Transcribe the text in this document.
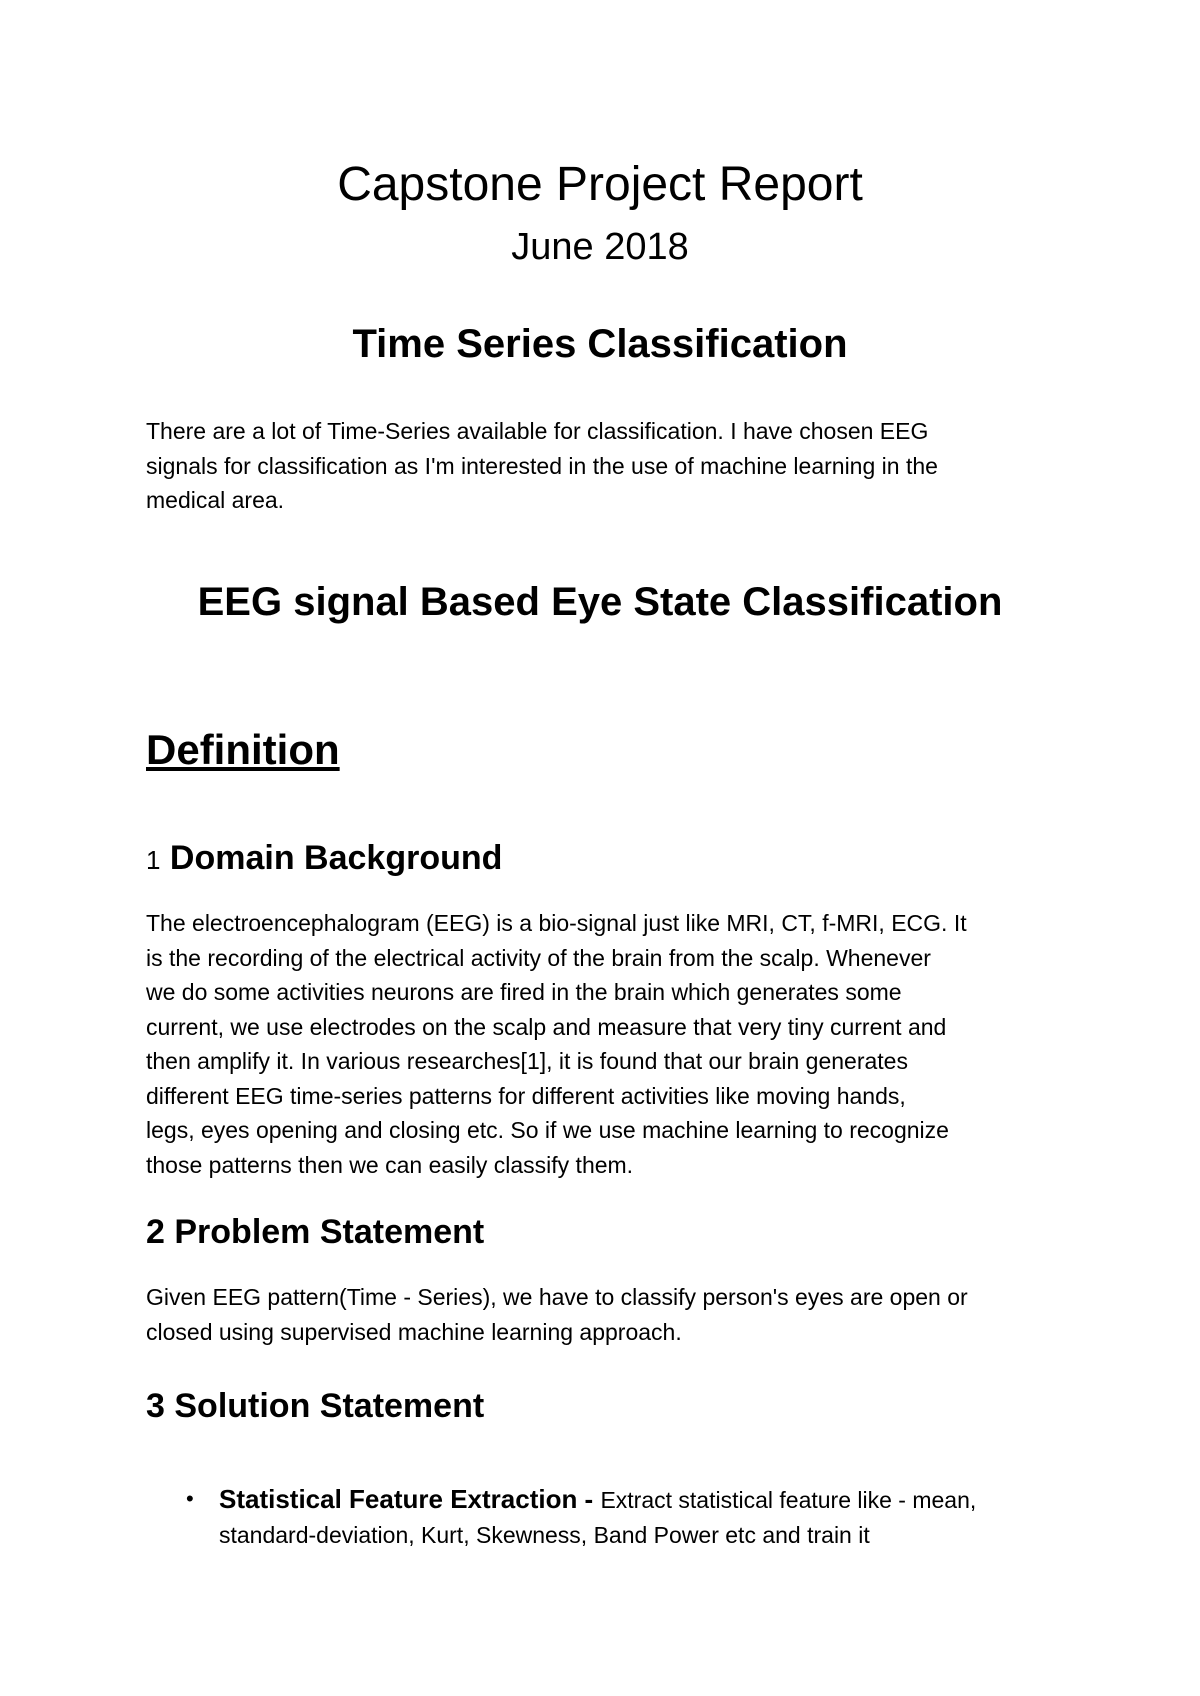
Capstone Project Report
June 2018
Time Series Classification

There are a lot of Time-Series available for classification. I have chosen EEG
signals for classification as I'm interested in the use of machine learning in the
medical area.

EEG signal Based Eye State Classification
Definition
1 Domain Background

The electroencephalogram (EEG) is a bio-signal just like MRI, CT, f-MRI, ECG. It
is the recording of the electrical activity of the brain from the scalp. Whenever
we do some activities neurons are fired in the brain which generates some
current, we use electrodes on the scalp and measure that very tiny current and
then amplify it. In various researches[1], it is found that our brain generates
different EEG time-series patterns for different activities like moving hands,
legs, eyes opening and closing etc. So if we use machine learning to recognize
those patterns then we can easily classify them.

2 Problem Statement

Given EEG pattern(Time - Series), we have to classify person's eyes are open or
closed using supervised machine learning approach.

3 Solution Statement
• Statistical Feature Extraction - Extract statistical feature like - mean,
standard-deviation, Kurt, Skewness, Band Power etc and train it
